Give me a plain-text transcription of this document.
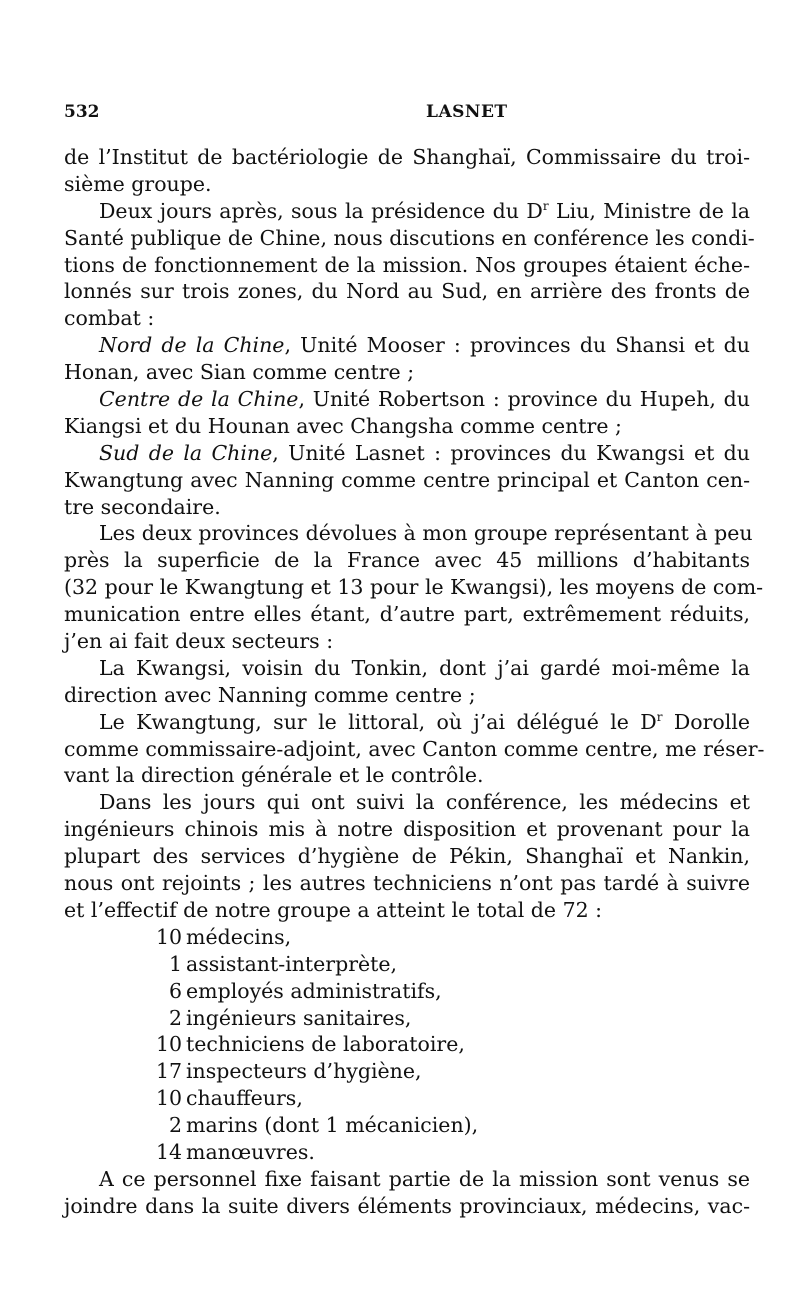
532	LASNET
de l’Institut de bactériologie de Shanghaï, Commissaire du troi-
sième groupe.
Deux jours après, sous la présidence du $D^r$ Liu, Ministre de la
Santé publique de Chine, nous discutions en conférence les condi-
tions de fonctionnement de la mission. Nos groupes étaient éche-
lonnés sur trois zones, du Nord au Sud, en arrière des fronts de
combat :
Nord de la Chine, Unité Mooser : provinces du Shansi et du
Honan, avec Sian comme centre ;
Centre de la Chine, Unité Robertson : province du Hupeh, du
Kiangsi et du Hounan avec Changsha comme centre ;
Sud de la Chine, Unité Lasnet : provinces du Kwangsi et du
Kwangtung avec Nanning comme centre principal et Canton cen-
tre secondaire.
Les deux provinces dévolues à mon groupe représentant à peu
près la superficie de la France avec 45 millions d’habitants
(32 pour le Kwangtung et 13 pour le Kwangsi), les moyens de com-
munication entre elles étant, d’autre part, extrêmement réduits,
j’en ai fait deux secteurs :
La Kwangsi, voisin du Tonkin, dont j’ai gardé moi-même la
direction avec Nanning comme centre ;
Le Kwangtung, sur le littoral, où j’ai délégué le $D^r$ Dorolle
comme commissaire-adjoint, avec Canton comme centre, me réser-
vant la direction générale et le contrôle.
Dans les jours qui ont suivi la conférence, les médecins et
ingénieurs chinois mis à notre disposition et provenant pour la
plupart des services d’hygiène de Pékin, Shanghaï et Nankin,
nous ont rejoints ; les autres techniciens n’ont pas tardé à suivre
et l’effectif de notre groupe a atteint le total de 72 :
10 médecins,
1 assistant-interprète,
6 employés administratifs,
2 ingénieurs sanitaires,
10 techniciens de laboratoire,
17 inspecteurs d’hygiène,
10 chauffeurs,
2 marins (dont 1 mécanicien),
14 manœuvres.
A ce personnel fixe faisant partie de la mission sont venus se
joindre dans la suite divers éléments provinciaux, médecins, vac-
